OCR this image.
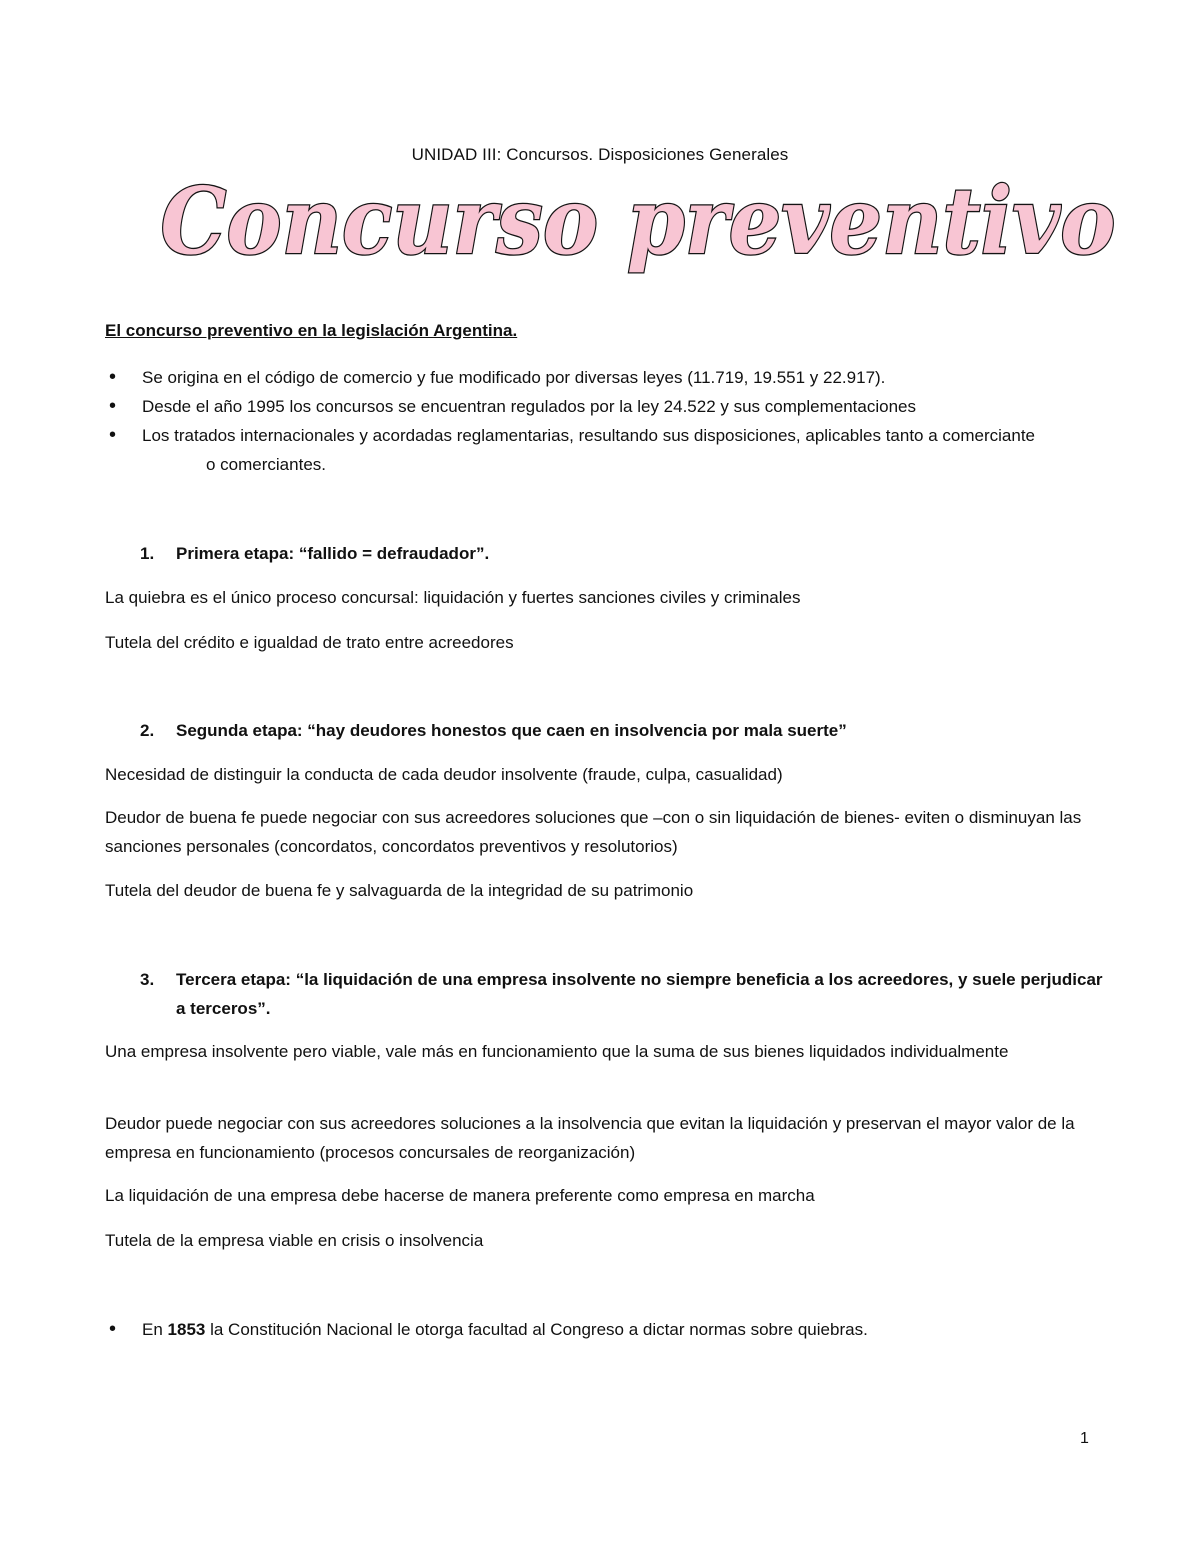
UNIDAD III: Concursos. Disposiciones Generales
Concurso preventivo

El concurso preventivo en la legislación Argentina.

• Se origina en el código de comercio y fue modificado por diversas leyes (11.719, 19.551 y 22.917).
• Desde el año 1995 los concursos se encuentran regulados por la ley 24.522 y sus complementaciones
• Los tratados internacionales y acordadas reglamentarias, resultando sus disposiciones, aplicables tanto a comercianteo comerciantes.

1. Primera etapa: “fallido = defraudador”.

La quiebra es el único proceso concursal: liquidación y fuertes sanciones civiles y criminales

Tutela del crédito e igualdad de trato entre acreedores

2. Segunda etapa: “hay deudores honestos que caen en insolvencia por mala suerte”

Necesidad de distinguir la conducta de cada deudor insolvente (fraude, culpa, casualidad)

Deudor de buena fe puede negociar con sus acreedores soluciones que –con o sin liquidación de bienes- eviten o disminuyan las sanciones personales (concordatos, concordatos preventivos y resolutorios)

Tutela del deudor de buena fe y salvaguarda de la integridad de su patrimonio

3. Tercera etapa: “la liquidación de una empresa insolvente no siempre beneficia a los acreedores, y suele perjudicar a terceros”.

Una empresa insolvente pero viable, vale más en funcionamiento que la suma de sus bienes liquidados individualmente

Deudor puede negociar con sus acreedores soluciones a la insolvencia que evitan la liquidación y preservan el mayor valor de la empresa en funcionamiento (procesos concursales de reorganización)

La liquidación de una empresa debe hacerse de manera preferente como empresa en marcha

Tutela de la empresa viable en crisis o insolvencia

• En 1853 la Constitución Nacional le otorga facultad al Congreso a dictar normas sobre quiebras.
1
